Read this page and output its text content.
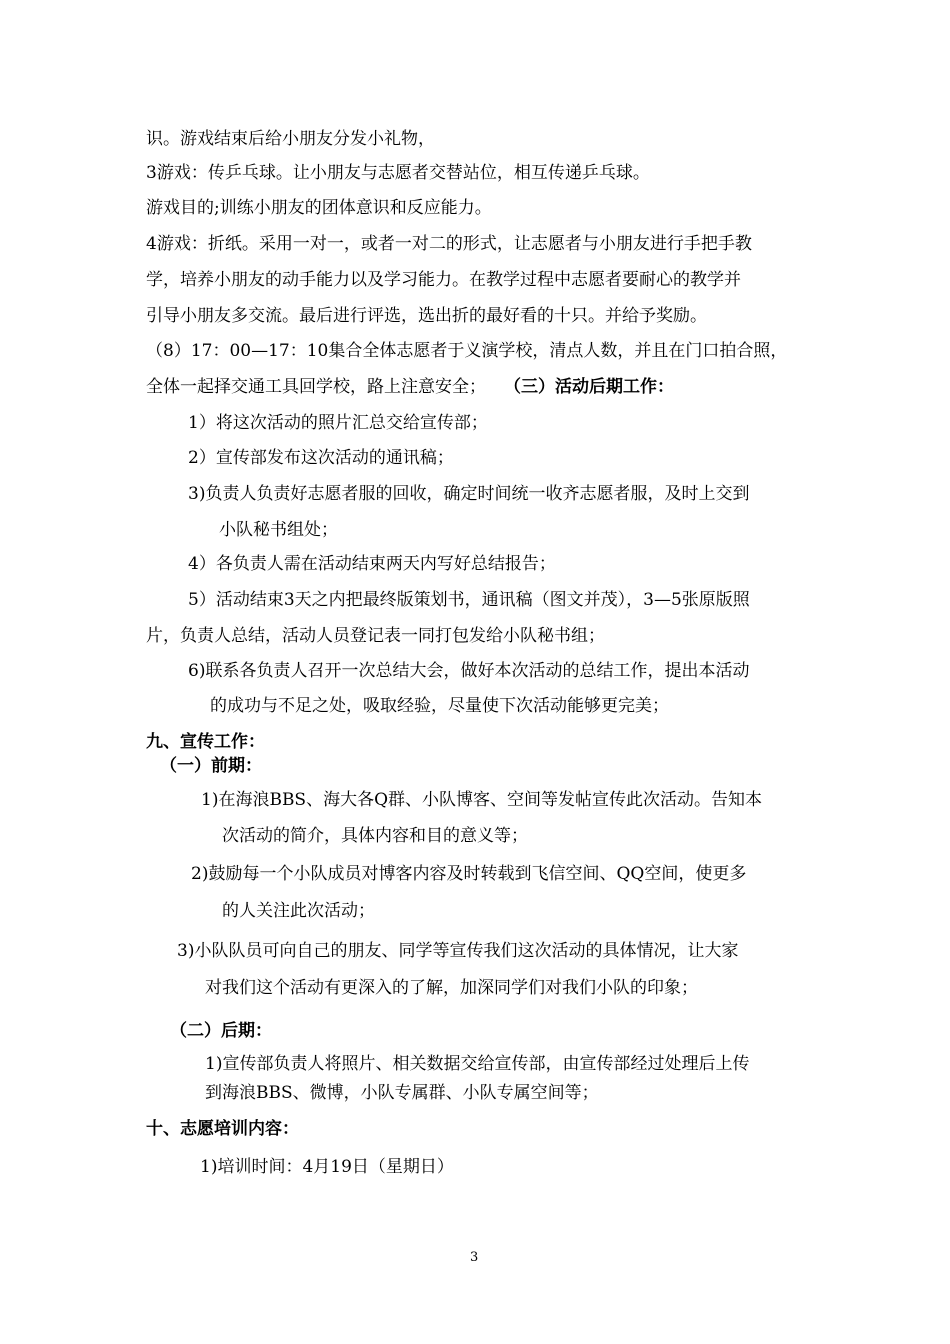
识。游戏结束后给小朋友分发小礼物，
3游戏：传乒乓球。让小朋友与志愿者交替站位，相互传递乒乓球。
游戏目的;训练小朋友的团体意识和反应能力。
4游戏：折纸。采用一对一，或者一对二的形式，让志愿者与小朋友进行手把手教
学，培养小朋友的动手能力以及学习能力。在教学过程中志愿者要耐心的教学并
引导小朋友多交流。最后进行评选，选出折的最好看的十只。并给予奖励。
（8）17：00—17：10集合全体志愿者于义演学校，清点人数，并且在门口拍合照，
全体一起择交通工具回学校，路上注意安全； （三）活动后期工作：
1）将这次活动的照片汇总交给宣传部；
2）宣传部发布这次活动的通讯稿；
3)负责人负责好志愿者服的回收，确定时间统一收齐志愿者服，及时上交到
小队秘书组处；
4）各负责人需在活动结束两天内写好总结报告；
5）活动结束3天之内把最终版策划书，通讯稿（图文并茂），3—5张原版照
片，负责人总结，活动人员登记表一同打包发给小队秘书组；
6)联系各负责人召开一次总结大会，做好本次活动的总结工作，提出本活动
的成功与不足之处，吸取经验，尽量使下次活动能够更完美；
九、宣传工作：
（一）前期：
1)在海浪BBS、海大各Q群、小队博客、空间等发帖宣传此次活动。告知本
次活动的简介，具体内容和目的意义等；
2)鼓励每一个小队成员对博客内容及时转载到飞信空间、QQ空间，使更多
的人关注此次活动；
3)小队队员可向自己的朋友、同学等宣传我们这次活动的具体情况，让大家
对我们这个活动有更深入的了解，加深同学们对我们小队的印象；
（二）后期：
1)宣传部负责人将照片、相关数据交给宣传部，由宣传部经过处理后上传
到海浪BBS、微博，小队专属群、小队专属空间等；
十、志愿培训内容：
1)培训时间：4月19日（星期日）
3
